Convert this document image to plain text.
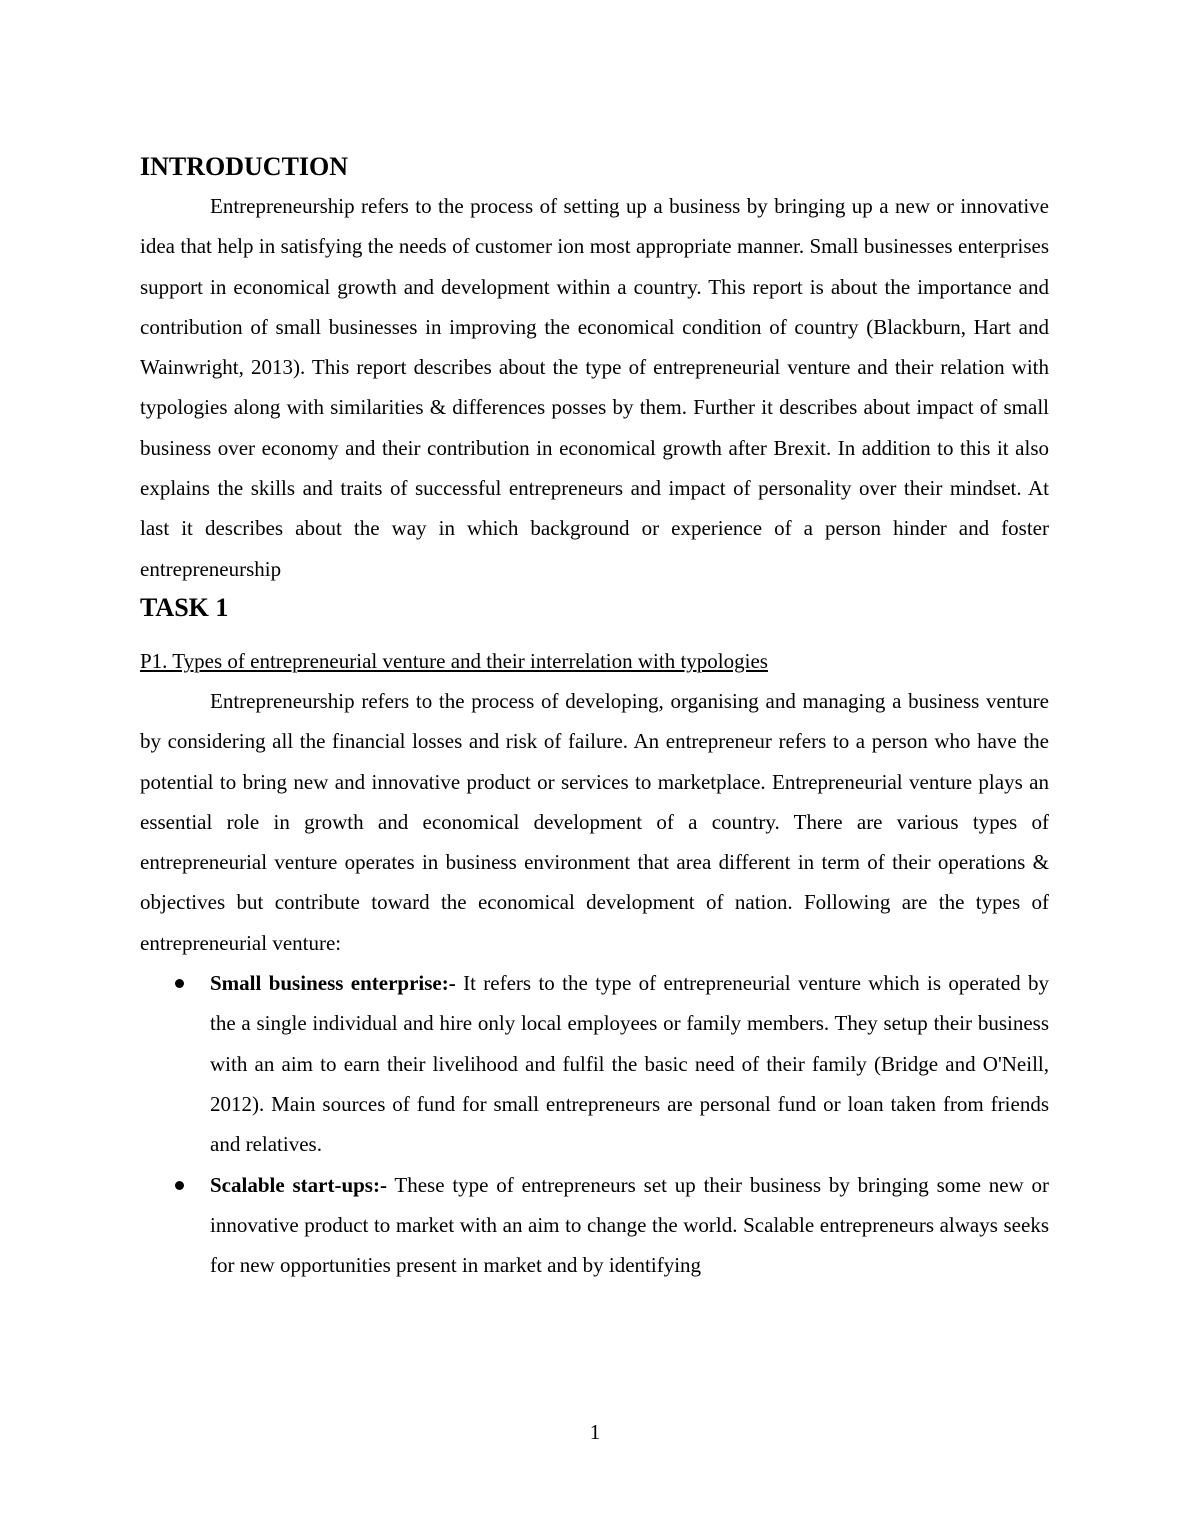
INTRODUCTION

Entrepreneurship refers to the process of setting up a business by bringing up a new or innovative idea that help in satisfying the needs of customer ion most appropriate manner. Small businesses enterprises support in economical growth and development within a country. This report is about the importance and contribution of small businesses in improving the economical condition of country (Blackburn, Hart and Wainwright, 2013). This report describes about the type of entrepreneurial venture and their relation with typologies along with similarities & differences posses by them. Further it describes about impact of small business over economy and their contribution in economical growth after Brexit. In addition to this it also explains the skills and traits of successful entrepreneurs and impact of personality over their mindset. At last it describes about the way in which background or experience of a person hinder and foster entrepreneurship

TASK 1

P1. Types of entrepreneurial venture and their interrelation with typologies

Entrepreneurship refers to the process of developing, organising and managing a business venture by considering all the financial losses and risk of failure. An entrepreneur refers to a person who have the potential to bring new and innovative product or services to marketplace. Entrepreneurial venture plays an essential role in growth and economical development of a country. There are various types of entrepreneurial venture operates in business environment that area different in term of their operations & objectives but contribute toward the economical development of nation. Following are the types of entrepreneurial venture:

Small business enterprise:- It refers to the type of entrepreneurial venture which is operated by the a single individual and hire only local employees or family members. They setup their business with an aim to earn their livelihood and fulfil the basic need of their family (Bridge and O'Neill, 2012). Main sources of fund for small entrepreneurs are personal fund or loan taken from friends and relatives.
Scalable start-ups:- These type of entrepreneurs set up their business by bringing some new or innovative product to market with an aim to change the world. Scalable entrepreneurs always seeks for new opportunities present in market and by identifying
1
